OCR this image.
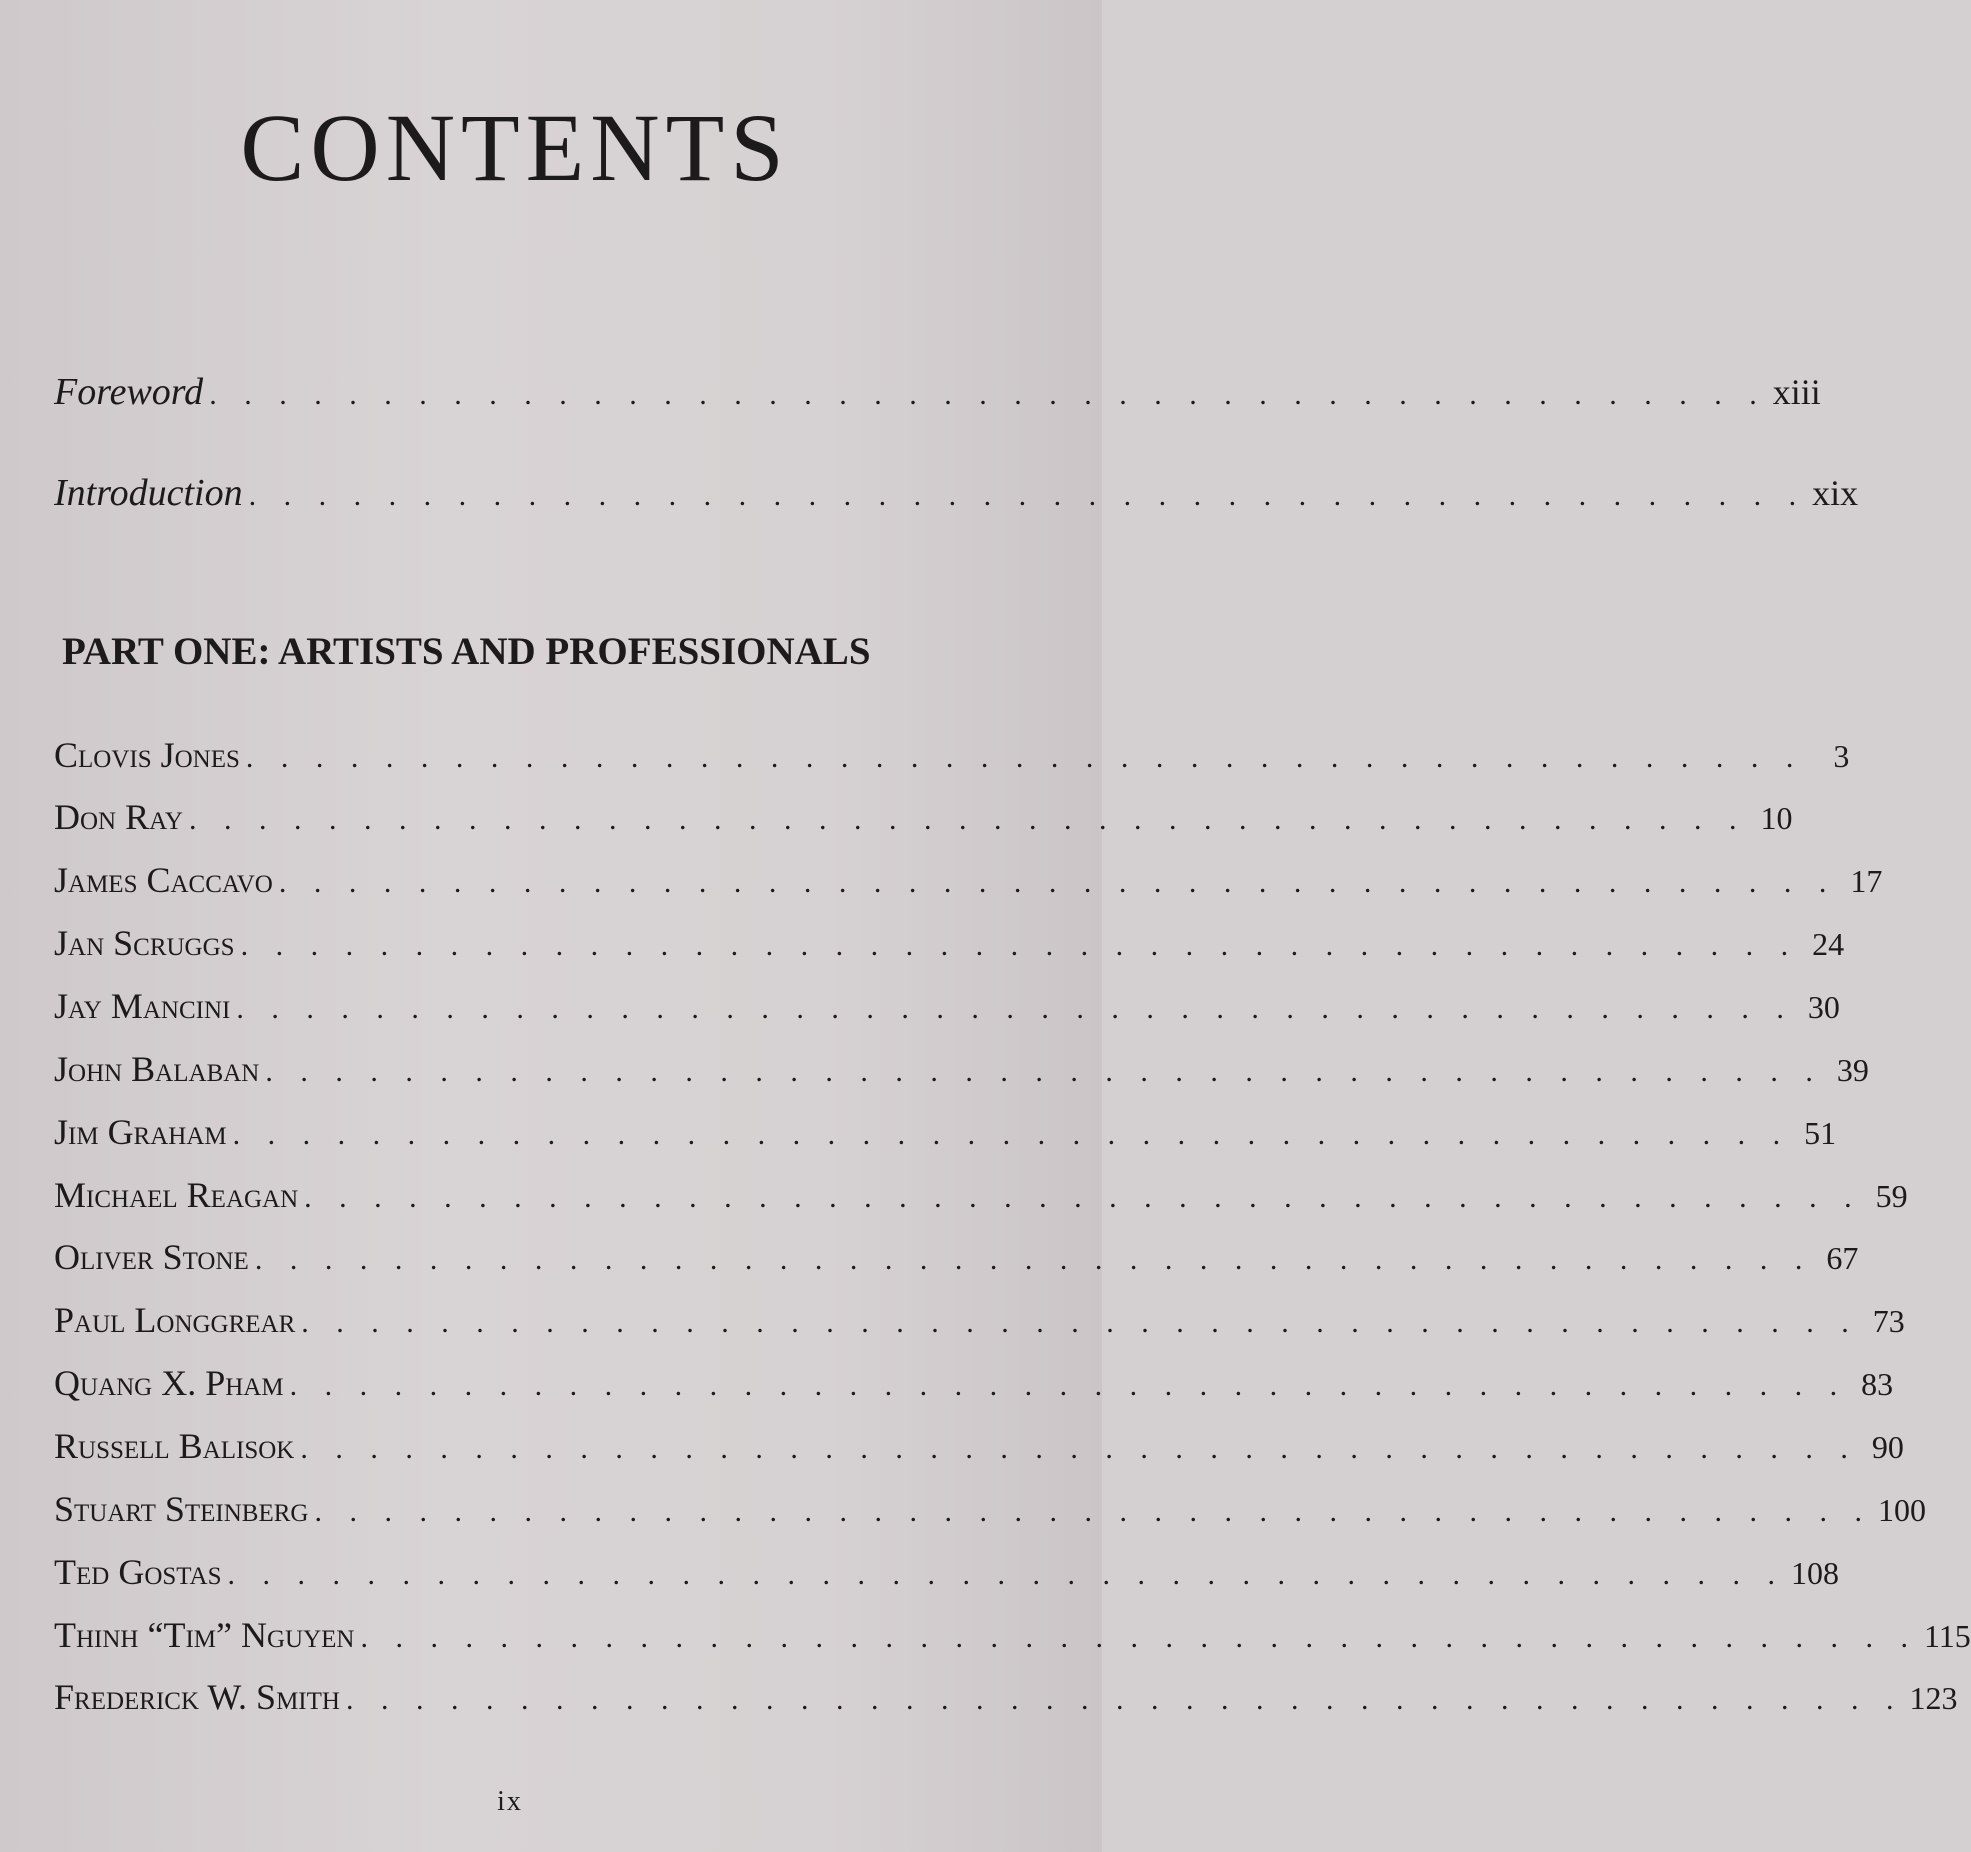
CONTENTS
Foreword . . . . . . . . . . . . . . . . . . . . . . . . . . . . . . . . . . . . . . . . . . . . . xiii
Introduction . . . . . . . . . . . . . . . . . . . . . . . . . . . . . . . . . . . . . . . . . . . . . xix
PART ONE: ARTISTS AND PROFESSIONALS
Clovis Jones . . . . . . . . . . . . . . . . . . . . . . . . . . . . . . . . . . . . . . . . . . . . . 3
Don Ray . . . . . . . . . . . . . . . . . . . . . . . . . . . . . . . . . . . . . . . . . . . . . 10
James Caccavo . . . . . . . . . . . . . . . . . . . . . . . . . . . . . . . . . . . . . . . . . . . . . 17
Jan Scruggs . . . . . . . . . . . . . . . . . . . . . . . . . . . . . . . . . . . . . . . . . . . . . 24
Jay Mancini . . . . . . . . . . . . . . . . . . . . . . . . . . . . . . . . . . . . . . . . . . . . . 30
John Balaban . . . . . . . . . . . . . . . . . . . . . . . . . . . . . . . . . . . . . . . . . . . . . 39
Jim Graham . . . . . . . . . . . . . . . . . . . . . . . . . . . . . . . . . . . . . . . . . . . . . 51
Michael Reagan . . . . . . . . . . . . . . . . . . . . . . . . . . . . . . . . . . . . . . . . . . . . . 59
Oliver Stone . . . . . . . . . . . . . . . . . . . . . . . . . . . . . . . . . . . . . . . . . . . . . 67
Paul Longgrear . . . . . . . . . . . . . . . . . . . . . . . . . . . . . . . . . . . . . . . . . . . . . 73
Quang X. Pham . . . . . . . . . . . . . . . . . . . . . . . . . . . . . . . . . . . . . . . . . . . . . 83
Russell Balisok . . . . . . . . . . . . . . . . . . . . . . . . . . . . . . . . . . . . . . . . . . . . . 90
Stuart Steinberg . . . . . . . . . . . . . . . . . . . . . . . . . . . . . . . . . . . . . . . . . . . . . 100
Ted Gostas . . . . . . . . . . . . . . . . . . . . . . . . . . . . . . . . . . . . . . . . . . . . . 108
Thinh “Tim” Nguyen . . . . . . . . . . . . . . . . . . . . . . . . . . . . . . . . . . . . . . . . . . . . . 115
Frederick W. Smith . . . . . . . . . . . . . . . . . . . . . . . . . . . . . . . . . . . . . . . . . . . . . 123
ix
